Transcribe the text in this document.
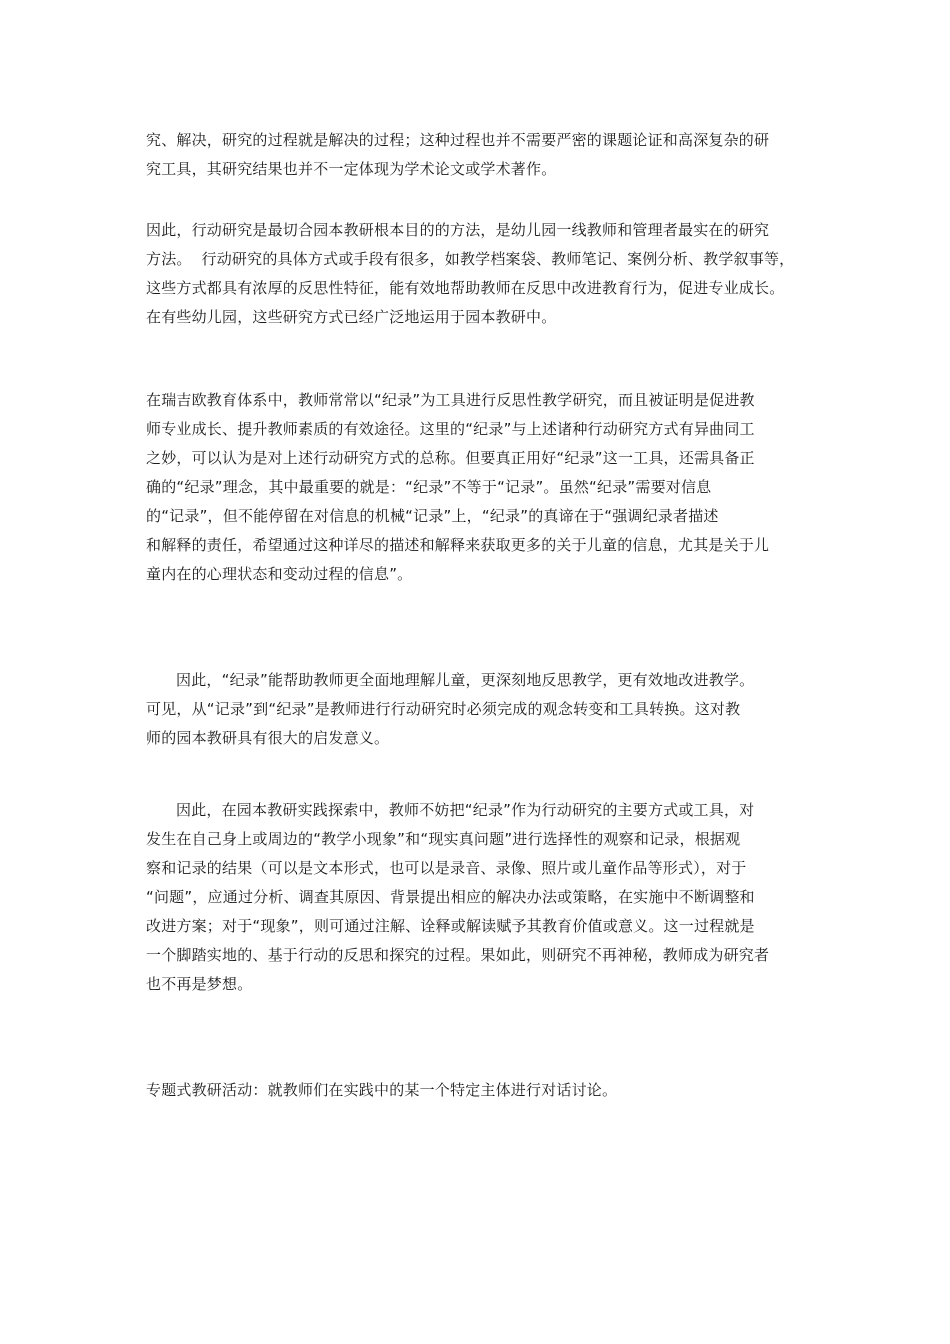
究、解决，研究的过程就是解决的过程；这种过程也并不需要严密的课题论证和高深复杂的研
究工具，其研究结果也并不一定体现为学术论文或学术著作。

因此，行动研究是最切合园本教研根本目的的方法，是幼儿园一线教师和管理者最实在的研究
方法。  行动研究的具体方式或手段有很多，如教学档案袋、教师笔记、案例分析、教学叙事等，
这些方式都具有浓厚的反思性特征，能有效地帮助教师在反思中改进教育行为，促进专业成长。
在有些幼儿园，这些研究方式已经广泛地运用于园本教研中。

在瑞吉欧教育体系中，教师常常以“纪录”为工具进行反思性教学研究，而且被证明是促进教
师专业成长、提升教师素质的有效途径。这里的“纪录”与上述诸种行动研究方式有异曲同工
之妙，可以认为是对上述行动研究方式的总称。但要真正用好“纪录”这一工具，还需具备正
确的“纪录”理念，其中最重要的就是：“纪录”不等于“记录”。虽然“纪录”需要对信息
的“记录”，但不能停留在对信息的机械“记录”上，“纪录”的真谛在于“强调纪录者描述
和解释的责任，希望通过这种详尽的描述和解释来获取更多的关于儿童的信息，尤其是关于儿
童内在的心理状态和变动过程的信息”。

因此，“纪录”能帮助教师更全面地理解儿童，更深刻地反思教学，更有效地改进教学。
可见，从“记录”到“纪录”是教师进行行动研究时必须完成的观念转变和工具转换。这对教
师的园本教研具有很大的启发意义。

因此，在园本教研实践探索中，教师不妨把“纪录”作为行动研究的主要方式或工具，对
发生在自己身上或周边的“教学小现象”和“现实真问题”进行选择性的观察和记录，根据观
察和记录的结果（可以是文本形式，也可以是录音、录像、照片或儿童作品等形式），对于
“问题”，应通过分析、调查其原因、背景提出相应的解决办法或策略，在实施中不断调整和
改进方案；对于“现象”，则可通过注解、诠释或解读赋予其教育价值或意义。这一过程就是
一个脚踏实地的、基于行动的反思和探究的过程。果如此，则研究不再神秘，教师成为研究者
也不再是梦想。

专题式教研活动：就教师们在实践中的某一个特定主体进行对话讨论。
